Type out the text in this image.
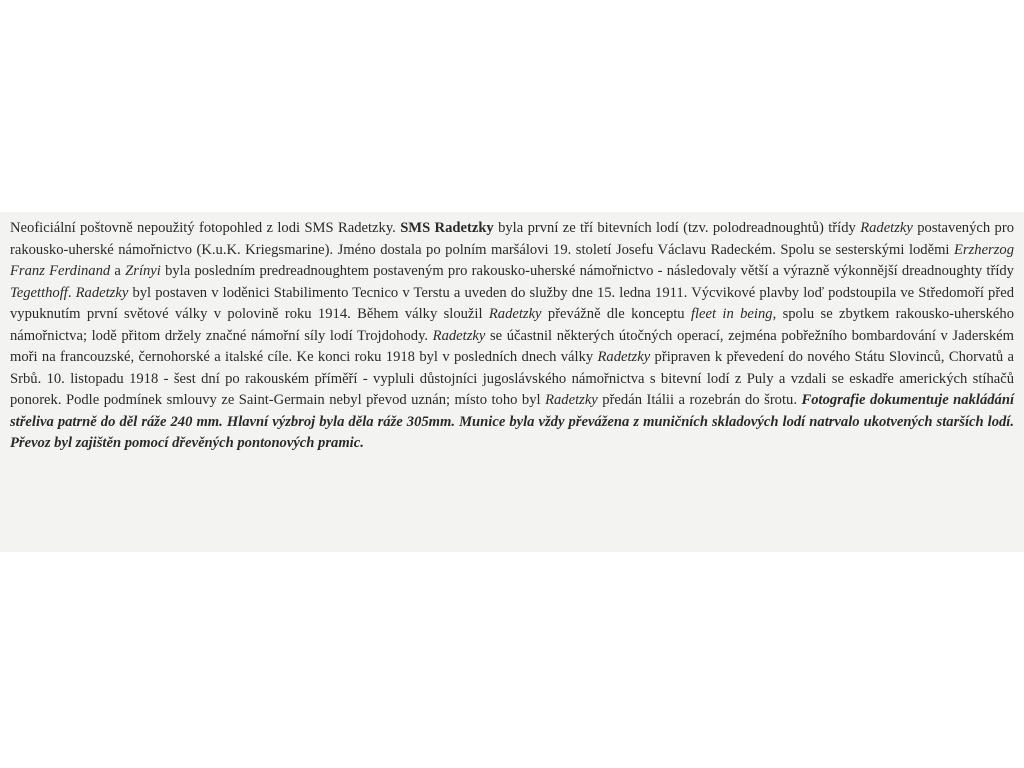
Neoficiální poštovně nepoužitý fotopohled z lodi SMS Radetzky. SMS Radetzky byla první ze tří bitevních lodí (tzv. polodreadnoughtů) třídy Radetzky postavených pro rakousko-uherské námořnictvo (K.u.K. Kriegsmarine). Jméno dostala po polním maršálovi 19. století Josefu Václavu Radeckém. Spolu se sesterskými loděmi Erzherzog Franz Ferdinand a Zrínyi byla posledním predreadnoughtem postaveným pro rakousko-uherské námořnictvo - následovaly větší a výrazně výkonnější dreadnoughty třídy Tegetthoff. Radetzky byl postaven v loděnici Stabilimento Tecnico v Terstu a uveden do služby dne 15. ledna 1911. Výcvikové plavby loď podstoupila ve Středomoří před vypuknutím první světové války v polovině roku 1914. Během války sloužil Radetzky převážně dle konceptu fleet in being, spolu se zbytkem rakousko-uherského námořnictva; lodě přitom držely značné námořní síly lodí Trojdohody. Radetzky se účastnil některých útočných operací, zejména pobřežního bombardování v Jaderském moři na francouzské, černohorské a italské cíle. Ke konci roku 1918 byl v posledních dnech války Radetzky připraven k převedení do nového Státu Slovinců, Chorvatů a Srbů. 10. listopadu 1918 - šest dní po rakouském příměří - vypluli důstojníci jugoslávského námořnictva s bitevní lodí z Puly a vzdali se eskadře amerických stíhačů ponorek. Podle podmínek smlouvy ze Saint-Germain nebyl převod uznán; místo toho byl Radetzky předán Itálii a rozebrán do šrotu. Fotografie dokumentuje nakládání střeliva patrně do děl ráže 240 mm. Hlavní výzbroj byla děla ráže 305mm. Munice byla vždy převážena z muničních skladových lodí natrvalo ukotvených starších lodí. Převoz byl zajištěn pomocí dřevěných pontonových pramic.
